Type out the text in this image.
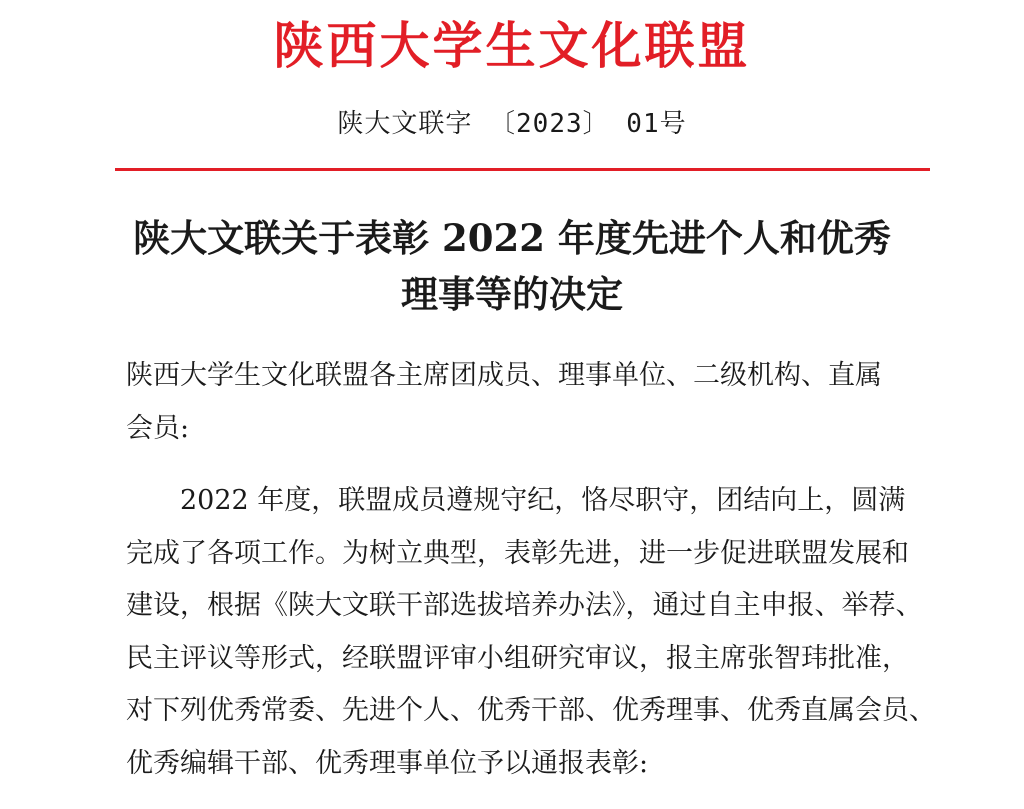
陕西大学生文化联盟
陕大文联字 〔2023〕 01号
陕大文联关于表彰 2022 年度先进个人和优秀
理事等的决定
陕西大学生文化联盟各主席团成员、理事单位、二级机构、直属
会员:
2022 年度，联盟成员遵规守纪，恪尽职守，团结向上，圆满
完成了各项工作。为树立典型，表彰先进，进一步促进联盟发展和
建设，根据《陕大文联干部选拔培养办法》，通过自主申报、举荐、
民主评议等形式，经联盟评审小组研究审议，报主席张智玮批准，
对下列优秀常委、先进个人、优秀干部、优秀理事、优秀直属会员、
优秀编辑干部、优秀理事单位予以通报表彰:
